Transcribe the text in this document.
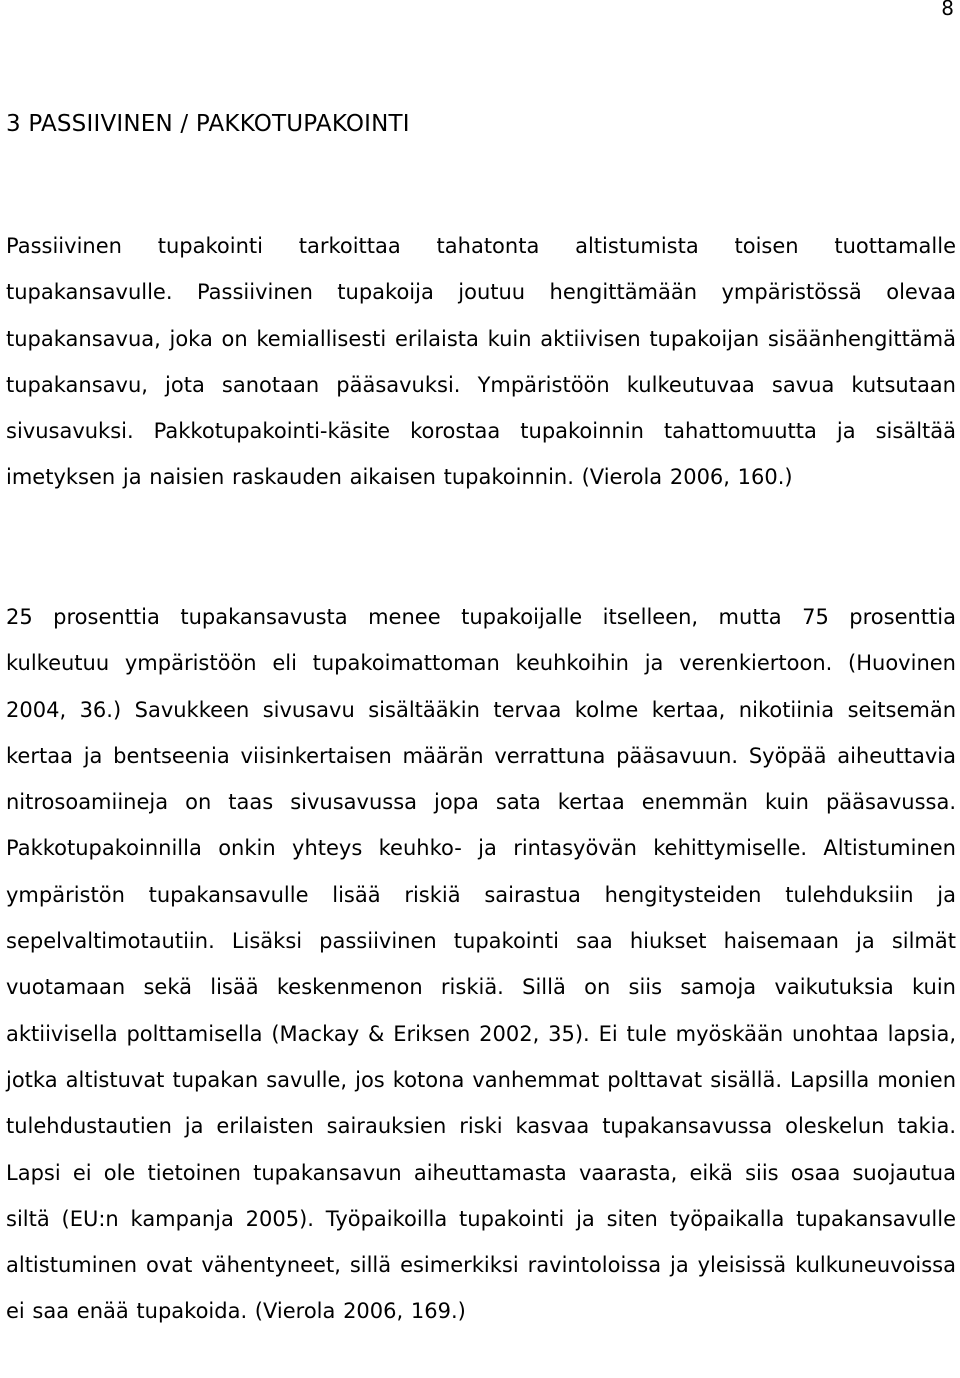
8
3 PASSIIVINEN / PAKKOTUPAKOINTI

Passiivinen tupakointi tarkoittaa tahatonta altistumista toisen tuottamalle tupakansavulle. Passiivinen tupakoija joutuu hengittämään ympäristössä olevaa tupakansavua, joka on kemiallisesti erilaista kuin aktiivisen tupakoijan sisäänhengittämä tupakansavu, jota sanotaan pääsavuksi. Ympäristöön kulkeutuvaa savua kutsutaan sivusavuksi. Pakkotupakointi-käsite korostaa tupakoinnin tahattomuutta ja sisältää imetyksen ja naisien raskauden aikaisen tupakoinnin. (Vierola 2006, 160.)

25 prosenttia tupakansavusta menee tupakoijalle itselleen, mutta 75 prosenttia kulkeutuu ympäristöön eli tupakoimattoman keuhkoihin ja verenkiertoon. (Huovinen 2004, 36.) Savukkeen sivusavu sisältääkin tervaa kolme kertaa, nikotiinia seitsemän kertaa ja bentseenia viisinkertaisen määrän verrattuna pääsavuun. Syöpää aiheuttavia nitrosoamiineja on taas sivusavussa jopa sata kertaa enemmän kuin pääsavussa. Pakkotupakoinnilla onkin yhteys keuhko- ja rintasyövän kehittymiselle. Altistuminen ympäristön tupakansavulle lisää riskiä sairastua hengitysteiden tulehduksiin ja sepelvaltimotautiin. Lisäksi passiivinen tupakointi saa hiukset haisemaan ja silmät vuotamaan sekä lisää keskenmenon riskiä. Sillä on siis samoja vaikutuksia kuin aktiivisella polttamisella (Mackay & Eriksen 2002, 35). Ei tule myöskään unohtaa lapsia, jotka altistuvat tupakan savulle, jos kotona vanhemmat polttavat sisällä. Lapsilla monien tulehdustautien ja erilaisten sairauksien riski kasvaa tupakansavussa oleskelun takia. Lapsi ei ole tietoinen tupakansavun aiheuttamasta vaarasta, eikä siis osaa suojautua siltä (EU:n kampanja 2005). Työpaikoilla tupakointi ja siten työpaikalla tupakansavulle altistuminen ovat vähentyneet, sillä esimerkiksi ravintoloissa ja yleisissä kulkuneuvoissa ei saa enää tupakoida. (Vierola 2006, 169.)
